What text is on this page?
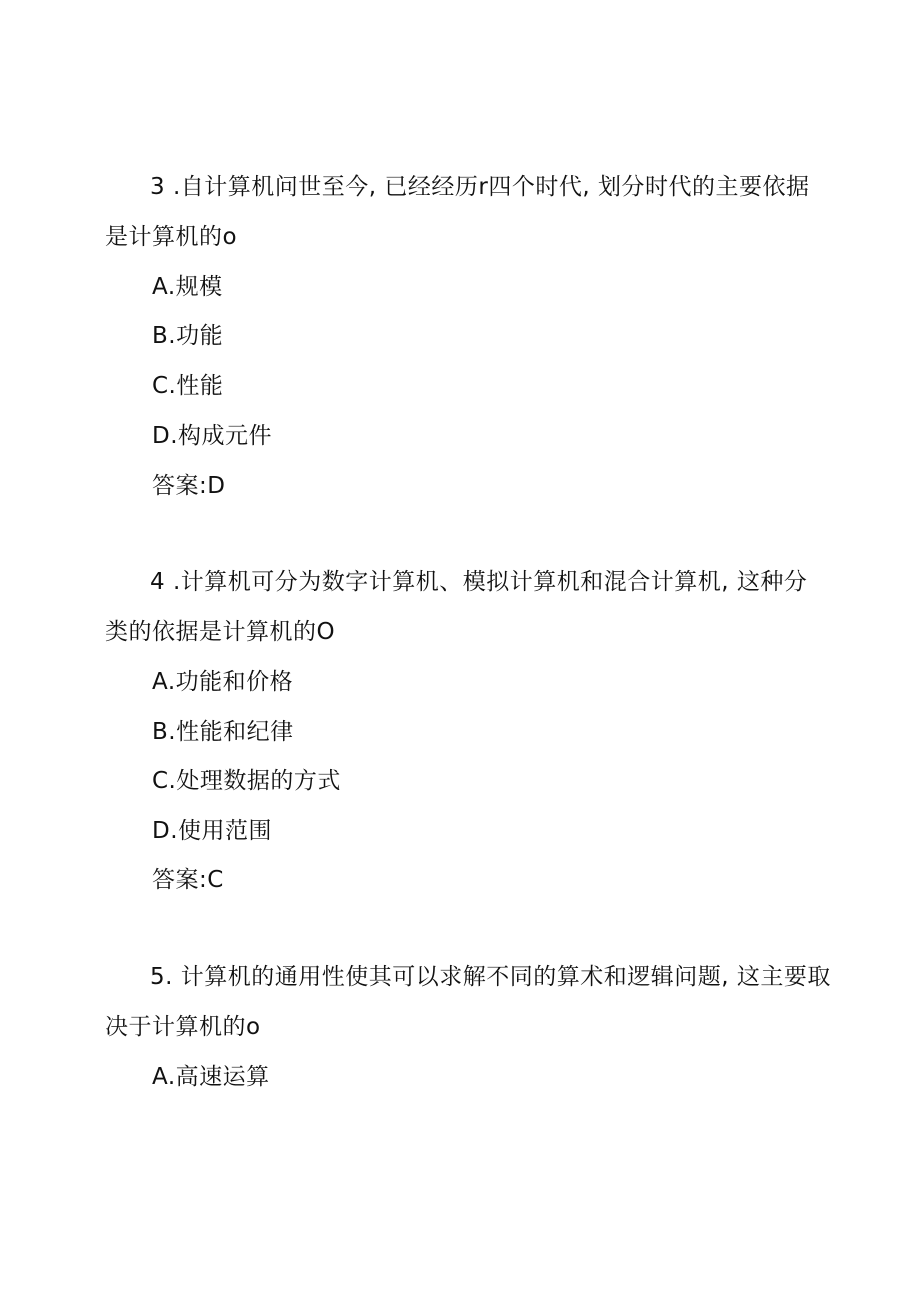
3 .自计算机问世至今, 已经经历r四个时代, 划分时代的主要依据
是计算机的o
A.规模
B.功能
C.性能
D.构成元件
答案:D
4 .计算机可分为数字计算机、模拟计算机和混合计算机, 这种分
类的依据是计算机的O
A.功能和价格
B.性能和纪律
C.处理数据的方式
D.使用范围
答案:C
5. 计算机的通用性使其可以求解不同的算术和逻辑问题, 这主要取
决于计算机的o
A.高速运算
